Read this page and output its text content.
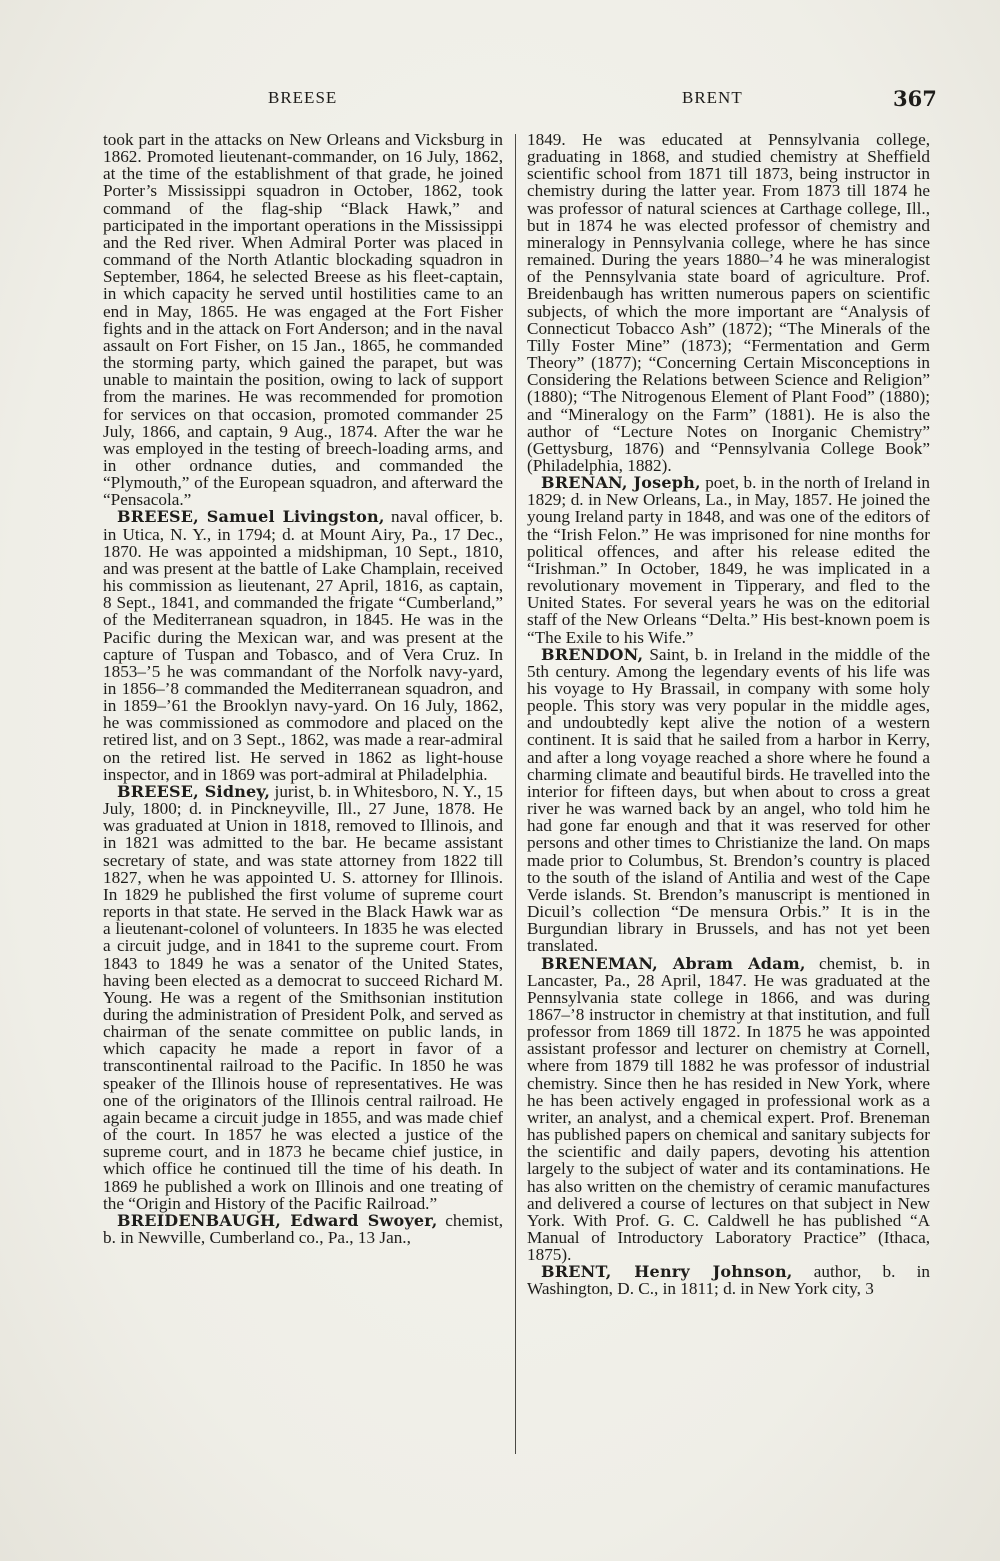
BREESE	BRENT	367

took part in the attacks on New Orleans and Vicksburg in 1862. Promoted lieutenant-commander, on 16 July, 1862, at the time of the establishment of that grade, he joined Porter’s Mississippi squadron in October, 1862, took command of the flag-ship “Black Hawk,” and participated in the important operations in the Mississippi and the Red river. When Admiral Porter was placed in command of the North Atlantic blockading squadron in September, 1864, he selected Breese as his fleet-captain, in which capacity he served until hostilities came to an end in May, 1865. He was engaged at the Fort Fisher fights and in the attack on Fort Anderson; and in the naval assault on Fort Fisher, on 15 Jan., 1865, he commanded the storming party, which gained the parapet, but was unable to maintain the position, owing to lack of support from the marines. He was recommended for promotion for services on that occasion, promoted commander 25 July, 1866, and captain, 9 Aug., 1874. After the war he was employed in the testing of breech-loading arms, and in other ordnance duties, and commanded the “Plymouth,” of the European squadron, and afterward the “Pensacola.”

BREESE, Samuel Livingston, naval officer, b. in Utica, N. Y., in 1794; d. at Mount Airy, Pa., 17 Dec., 1870. He was appointed a midshipman, 10 Sept., 1810, and was present at the battle of Lake Champlain, received his commission as lieutenant, 27 April, 1816, as captain, 8 Sept., 1841, and commanded the frigate “Cumberland,” of the Mediterranean squadron, in 1845. He was in the Pacific during the Mexican war, and was present at the capture of Tuspan and Tobasco, and of Vera Cruz. In 1853–’5 he was commandant of the Norfolk navy-yard, in 1856–’8 commanded the Mediterranean squadron, and in 1859–’61 the Brooklyn navy-yard. On 16 July, 1862, he was commissioned as commodore and placed on the retired list, and on 3 Sept., 1862, was made a rear-admiral on the retired list. He served in 1862 as light-house inspector, and in 1869 was port-admiral at Philadelphia.

BREESE, Sidney, jurist, b. in Whitesboro, N. Y., 15 July, 1800; d. in Pinckneyville, Ill., 27 June, 1878. He was graduated at Union in 1818, removed to Illinois, and in 1821 was admitted to the bar. He became assistant secretary of state, and was state attorney from 1822 till 1827, when he was appointed U. S. attorney for Illinois. In 1829 he published the first volume of supreme court reports in that state. He served in the Black Hawk war as a lieutenant-colonel of volunteers. In 1835 he was elected a circuit judge, and in 1841 to the supreme court. From 1843 to 1849 he was a senator of the United States, having been elected as a democrat to succeed Richard M. Young. He was a regent of the Smithsonian institution during the administration of President Polk, and served as chairman of the senate committee on public lands, in which capacity he made a report in favor of a transcontinental railroad to the Pacific. In 1850 he was speaker of the Illinois house of representatives. He was one of the originators of the Illinois central railroad. He again became a circuit judge in 1855, and was made chief of the court. In 1857 he was elected a justice of the supreme court, and in 1873 he became chief justice, in which office he continued till the time of his death. In 1869 he published a work on Illinois and one treating of the “Origin and History of the Pacific Railroad.”

BREIDENBAUGH, Edward Swoyer, chemist, b. in Newville, Cumberland co., Pa., 13 Jan.,

1849. He was educated at Pennsylvania college, graduating in 1868, and studied chemistry at Sheffield scientific school from 1871 till 1873, being instructor in chemistry during the latter year. From 1873 till 1874 he was professor of natural sciences at Carthage college, Ill., but in 1874 he was elected professor of chemistry and mineralogy in Pennsylvania college, where he has since remained. During the years 1880–’4 he was mineralogist of the Pennsylvania state board of agriculture. Prof. Breidenbaugh has written numerous papers on scientific subjects, of which the more important are “Analysis of Connecticut Tobacco Ash” (1872); “The Minerals of the Tilly Foster Mine” (1873); “Fermentation and Germ Theory” (1877); “Concerning Certain Misconceptions in Considering the Relations between Science and Religion” (1880); “The Nitrogenous Element of Plant Food” (1880); and “Mineralogy on the Farm” (1881). He is also the author of “Lecture Notes on Inorganic Chemistry” (Gettysburg, 1876) and “Pennsylvania College Book” (Philadelphia, 1882).

BRENAN, Joseph, poet, b. in the north of Ireland in 1829; d. in New Orleans, La., in May, 1857. He joined the young Ireland party in 1848, and was one of the editors of the “Irish Felon.” He was imprisoned for nine months for political offences, and after his release edited the “Irishman.” In October, 1849, he was implicated in a revolutionary movement in Tipperary, and fled to the United States. For several years he was on the editorial staff of the New Orleans “Delta.” His best-known poem is “The Exile to his Wife.”

BRENDON, Saint, b. in Ireland in the middle of the 5th century. Among the legendary events of his life was his voyage to Hy Brassail, in company with some holy people. This story was very popular in the middle ages, and undoubtedly kept alive the notion of a western continent. It is said that he sailed from a harbor in Kerry, and after a long voyage reached a shore where he found a charming climate and beautiful birds. He travelled into the interior for fifteen days, but when about to cross a great river he was warned back by an angel, who told him he had gone far enough and that it was reserved for other persons and other times to Christianize the land. On maps made prior to Columbus, St. Brendon’s country is placed to the south of the island of Antilia and west of the Cape Verde islands. St. Brendon’s manuscript is mentioned in Dicuil’s collection “De mensura Orbis.” It is in the Burgundian library in Brussels, and has not yet been translated.

BRENEMAN, Abram Adam, chemist, b. in Lancaster, Pa., 28 April, 1847. He was graduated at the Pennsylvania state college in 1866, and was during 1867–’8 instructor in chemistry at that institution, and full professor from 1869 till 1872. In 1875 he was appointed assistant professor and lecturer on chemistry at Cornell, where from 1879 till 1882 he was professor of industrial chemistry. Since then he has resided in New York, where he has been actively engaged in professional work as a writer, an analyst, and a chemical expert. Prof. Breneman has published papers on chemical and sanitary subjects for the scientific and daily papers, devoting his attention largely to the subject of water and its contaminations. He has also written on the chemistry of ceramic manufactures and delivered a course of lectures on that subject in New York. With Prof. G. C. Caldwell he has published “A Manual of Introductory Laboratory Practice” (Ithaca, 1875).

BRENT, Henry Johnson, author, b. in Washington, D. C., in 1811; d. in New York city, 3
